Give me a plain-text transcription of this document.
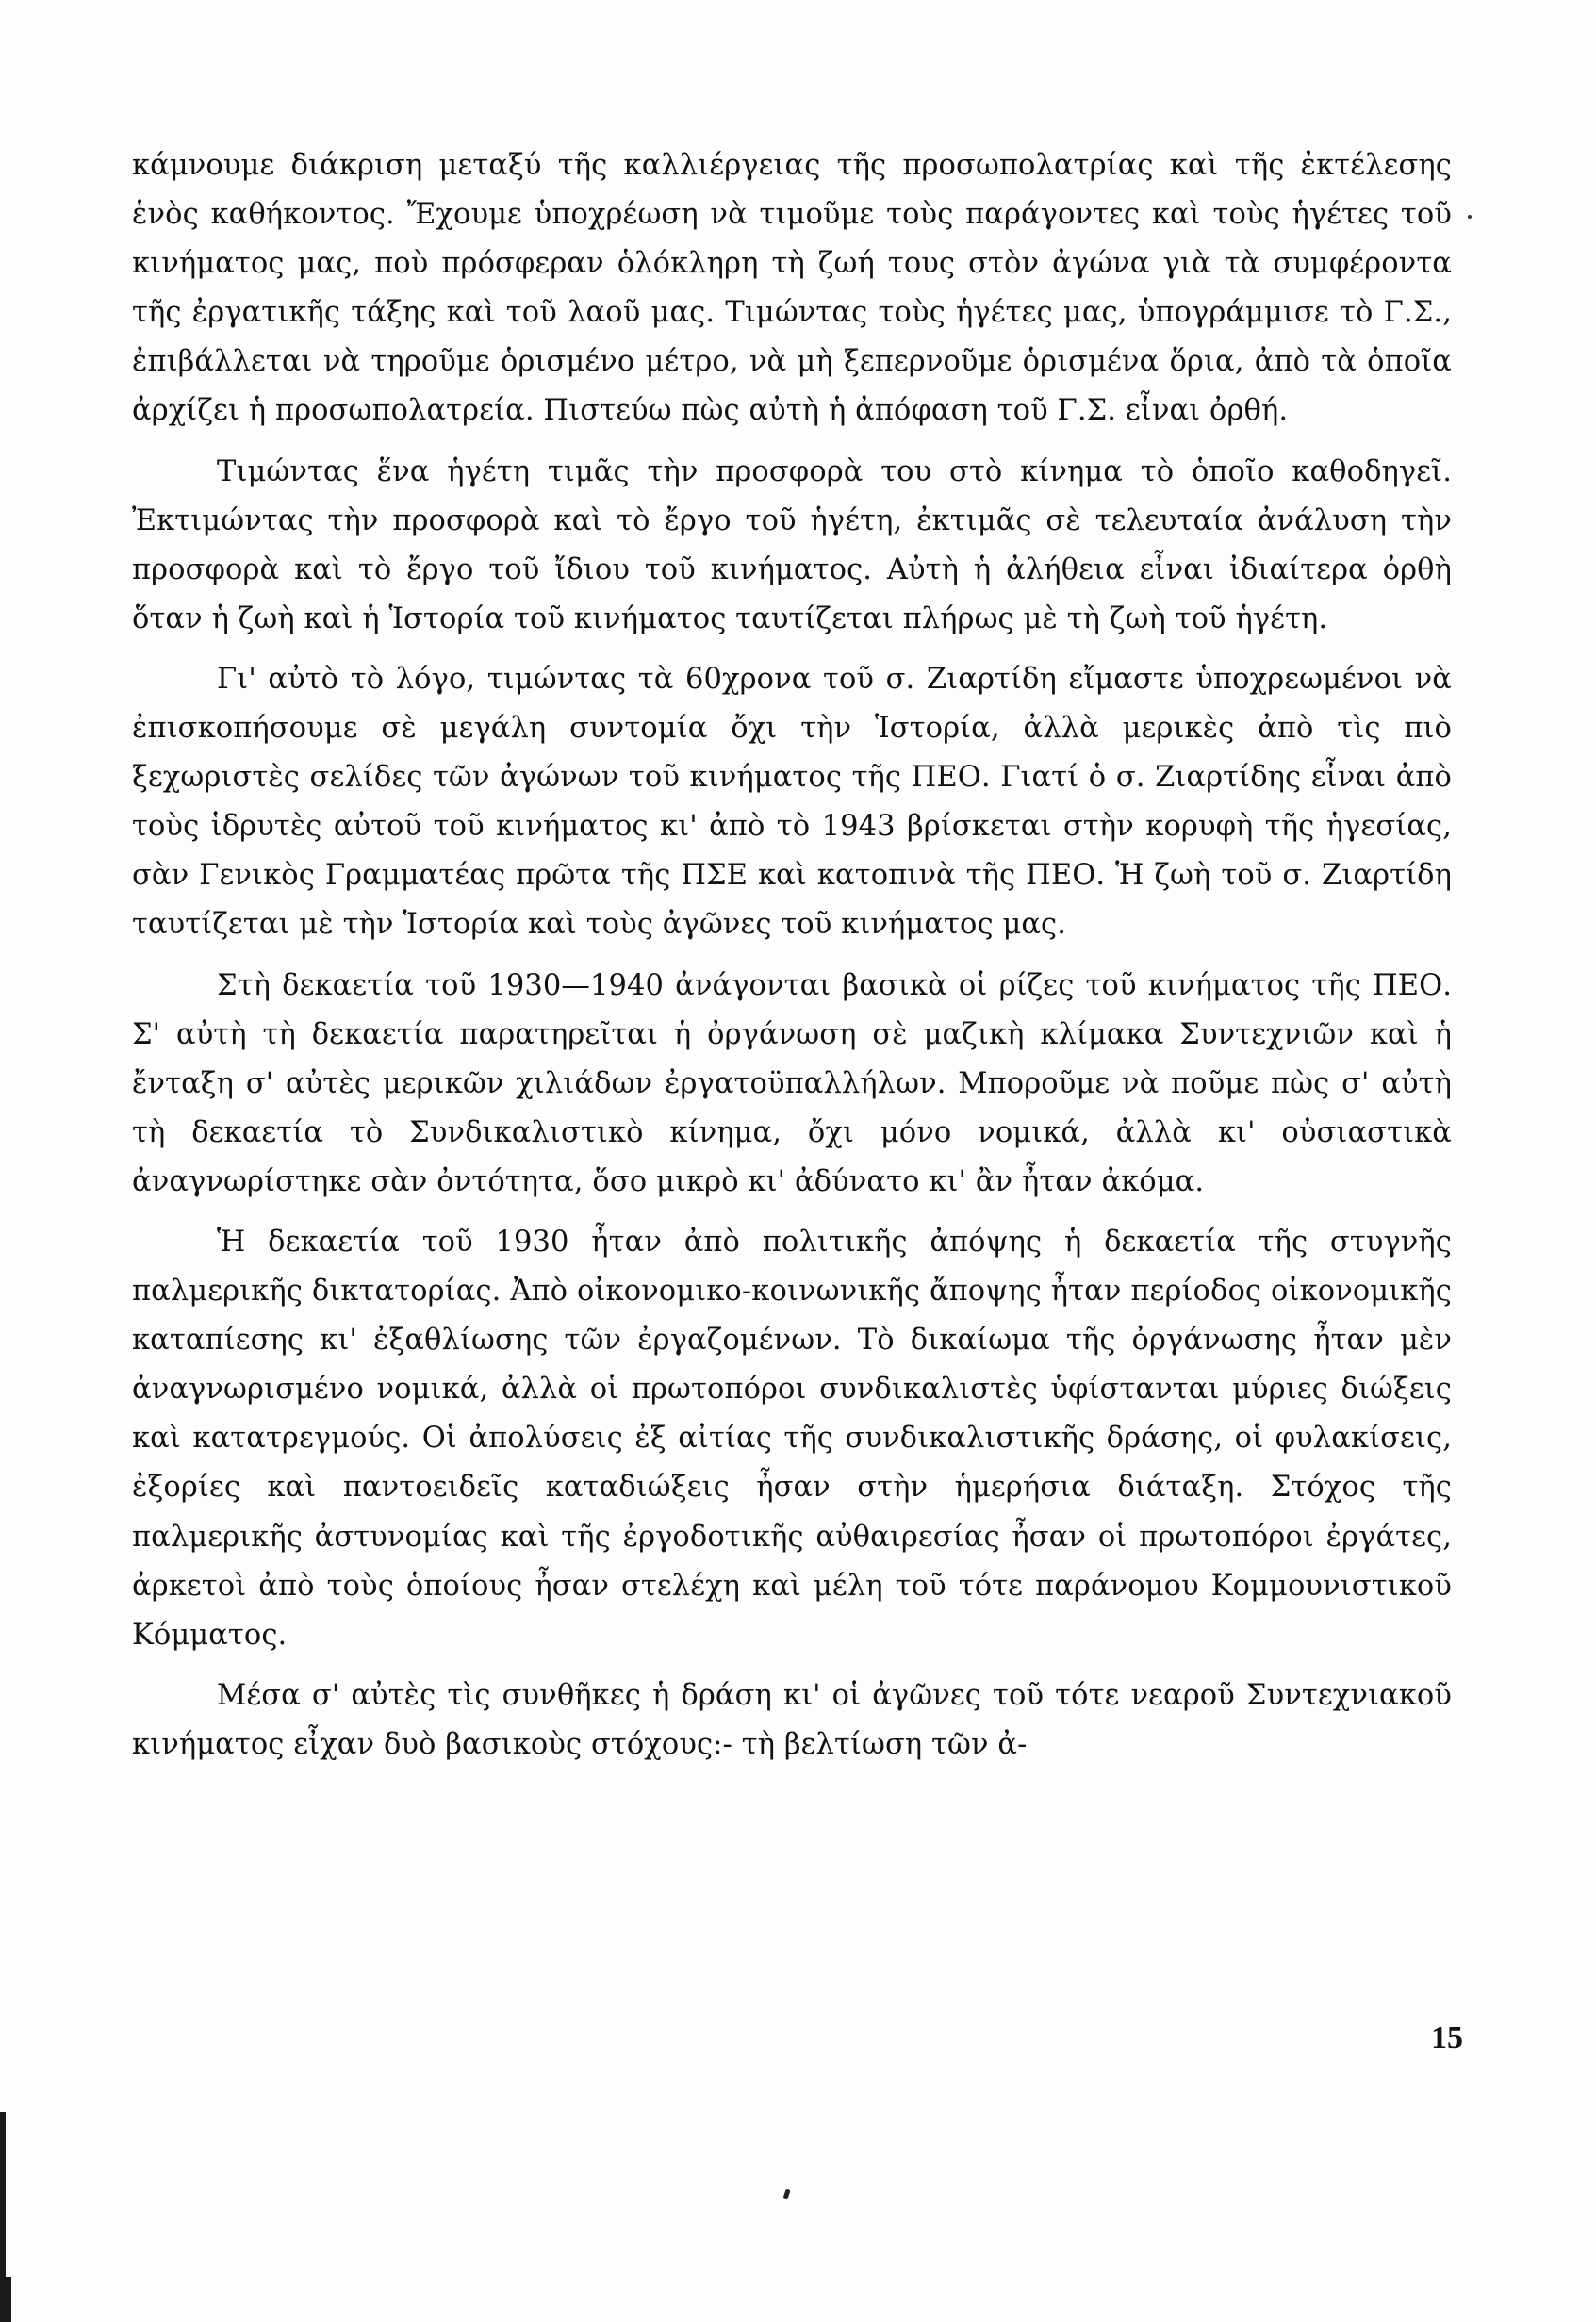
κάμνουμε διάκριση μεταξύ τῆς καλλιέργειας τῆς προσωπολατρίας καὶ τῆς ἐκτέλεσης ἑνὸς καθήκοντος. Ἔχουμε ὑποχρέωση νὰ τιμοῦμε τοὺς παράγοντες καὶ τοὺς ἡγέτες τοῦ κινήματος μας, ποὺ πρόσφεραν ὁλόκληρη τὴ ζωή τους στὸν ἀγώνα γιὰ τὰ συμφέροντα τῆς ἐργατικῆς τάξης καὶ τοῦ λαοῦ μας. Τιμώντας τοὺς ἡγέτες μας, ὑπογράμμισε τὸ Γ.Σ., ἐπιβάλλεται νὰ τηροῦμε ὁρισμένο μέτρο, νὰ μὴ ξεπερνοῦμε ὁρισμένα ὅρια, ἀπὸ τὰ ὁποῖα ἀρχίζει ἡ προσωπολατρεία. Πιστεύω πὼς αὐτὴ ἡ ἀπόφαση τοῦ Γ.Σ. εἶναι ὀρθή.

Τιμώντας ἕνα ἡγέτη τιμᾶς τὴν προσφορὰ του στὸ κίνημα τὸ ὁποῖο καθοδηγεῖ. Ἐκτιμώντας τὴν προσφορὰ καὶ τὸ ἔργο τοῦ ἡγέτη, ἐκτιμᾶς σὲ τελευταία ἀνάλυση τὴν προσφορὰ καὶ τὸ ἔργο τοῦ ἴδιου τοῦ κινήματος. Αὐτὴ ἡ ἀλήθεια εἶναι ἰδιαίτερα ὀρθὴ ὅταν ἡ ζωὴ καὶ ἡ Ἱστορία τοῦ κινήματος ταυτίζεται πλήρως μὲ τὴ ζωὴ τοῦ ἡγέτη.

Γι' αὐτὸ τὸ λόγο, τιμώντας τὰ 60χρονα τοῦ σ. Ζιαρτίδη εἴμαστε ὑποχρεωμένοι νὰ ἐπισκοπήσουμε σὲ μεγάλη συντομία ὄχι τὴν Ἱστορία, ἀλλὰ μερικὲς ἀπὸ τὶς πιὸ ξεχωριστὲς σελίδες τῶν ἀγώνων τοῦ κινήματος τῆς ΠΕΟ. Γιατί ὁ σ. Ζιαρτίδης εἶναι ἀπὸ τοὺς ἱδρυτὲς αὐτοῦ τοῦ κινήματος κι' ἀπὸ τὸ 1943 βρίσκεται στὴν κορυφὴ τῆς ἡγεσίας, σὰν Γενικὸς Γραμματέας πρῶτα τῆς ΠΣΕ καὶ κατοπινὰ τῆς ΠΕΟ. Ἡ ζωὴ τοῦ σ. Ζιαρτίδη ταυτίζεται μὲ τὴν Ἱστορία καὶ τοὺς ἀγῶνες τοῦ κινήματος μας.

Στὴ δεκαετία τοῦ 1930—1940 ἀνάγονται βασικὰ οἱ ρίζες τοῦ κινήματος τῆς ΠΕΟ. Σ' αὐτὴ τὴ δεκαετία παρατηρεῖται ἡ ὀργάνωση σὲ μαζικὴ κλίμακα Συντεχνιῶν καὶ ἡ ἔνταξη σ' αὐτὲς μερικῶν χιλιάδων ἐργατοϋπαλλήλων. Μποροῦμε νὰ ποῦμε πὼς σ' αὐτὴ τὴ δεκαετία τὸ Συνδικαλιστικὸ κίνημα, ὄχι μόνο νομικά, ἀλλὰ κι' οὐσιαστικὰ ἀναγνωρίστηκε σὰν ὀντότητα, ὅσο μικρὸ κι' ἀδύνατο κι' ἂν ἦταν ἀκόμα.

Ἡ δεκαετία τοῦ 1930 ἦταν ἀπὸ πολιτικῆς ἀπόψης ἡ δεκαετία τῆς στυγνῆς παλμερικῆς δικτατορίας. Ἀπὸ οἰκονομικο-κοινωνικῆς ἄποψης ἦταν περίοδος οἰκονομικῆς καταπίεσης κι' ἐξαθλίωσης τῶν ἐργαζομένων. Τὸ δικαίωμα τῆς ὀργάνωσης ἦταν μὲν ἀναγνωρισμένο νομικά, ἀλλὰ οἱ πρωτοπόροι συνδικαλιστὲς ὑφίστανται μύριες διώξεις καὶ κατατρεγμούς. Οἱ ἀπολύσεις ἐξ αἰτίας τῆς συνδικαλιστικῆς δράσης, οἱ φυλακίσεις, ἐξορίες καὶ παντοειδεῖς καταδιώξεις ἦσαν στὴν ἡμερήσια διάταξη. Στόχος τῆς παλμερικῆς ἀστυνομίας καὶ τῆς ἐργοδοτικῆς αὐθαιρεσίας ἦσαν οἱ πρωτοπόροι ἐργάτες, ἀρκετοὶ ἀπὸ τοὺς ὁποίους ἦσαν στελέχη καὶ μέλη τοῦ τότε παράνομου Κομμουνιστικοῦ Κόμματος.

Μέσα σ' αὐτὲς τὶς συνθῆκες ἡ δράση κι' οἱ ἀγῶνες τοῦ τότε νεαροῦ Συντεχνιακοῦ κινήματος εἶχαν δυὸ βασικοὺς στόχους:- τὴ βελτίωση τῶν ἀ-

15
